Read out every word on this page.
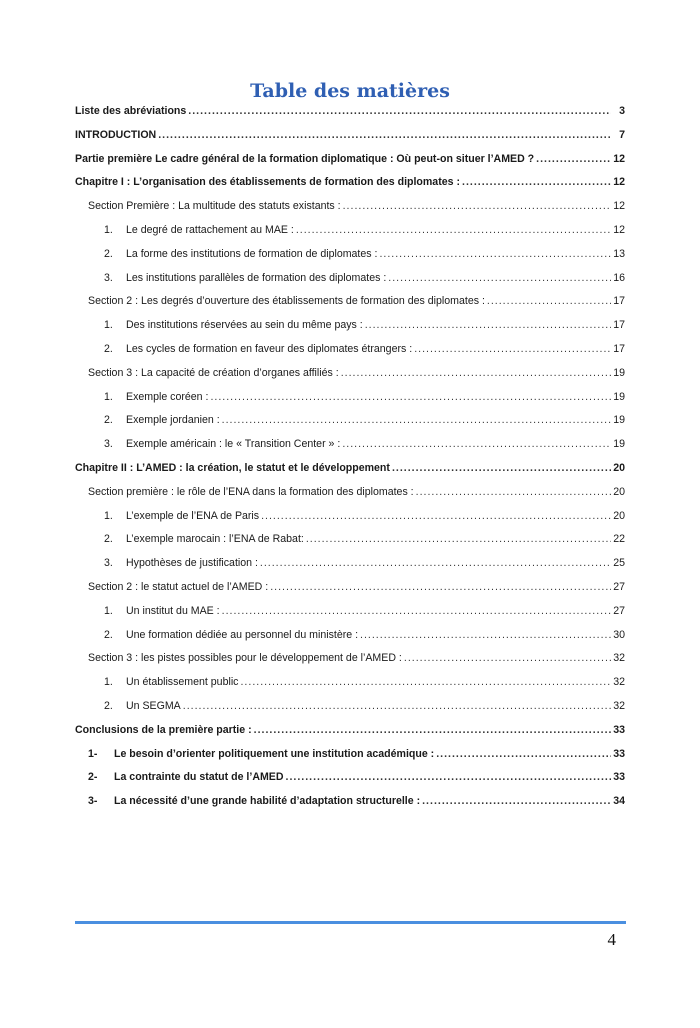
Table des matières
Liste des abréviations .....	3
INTRODUCTION .....	7
Partie première Le cadre général de la formation diplomatique : Où peut-on situer l’AMED ? .....	12
Chapitre I : L’organisation des établissements de formation des diplomates : .....	12
Section Première : La multitude des statuts existants : .....	12
1.	Le degré de rattachement au MAE : .....	12
2.	La forme des institutions de formation de diplomates : .....	13
3.	Les institutions parallèles de formation des diplomates : .....	16
Section 2 : Les degrés d’ouverture des établissements de formation des diplomates : .....	17
1.	Des institutions réservées au sein du même pays : .....	17
2.	Les cycles de formation en faveur des diplomates étrangers : .....	17
Section 3 : La capacité de création d’organes affiliés : .....	19
1.	Exemple coréen : .....	19
2.	Exemple jordanien : .....	19
3.	Exemple américain : le « Transition Center » : .....	19
Chapitre II : L’AMED : la création, le statut et le développement .....	20
Section première : le rôle de l’ENA dans la formation des diplomates : .....	20
1.	L’exemple de l’ENA de Paris .....	20
2.	L’exemple marocain : l’ENA de Rabat: .....	22
3.	Hypothèses de justification : .....	25
Section 2 : le statut actuel de l’AMED : .....	27
1.	Un institut du MAE : .....	27
2.	Une formation dédiée au personnel du ministère : .....	30
Section 3 : les pistes possibles pour le développement de l’AMED : .....	32
1.	Un établissement public .....	32
2.	Un SEGMA .....	32
Conclusions de la première partie : .....	33
1-	Le besoin d’orienter politiquement une institution académique : .....	33
2-	La contrainte du statut de l’AMED .....	33
3-	La nécessité d’une grande habilité d’adaptation structurelle : .....	34
4
